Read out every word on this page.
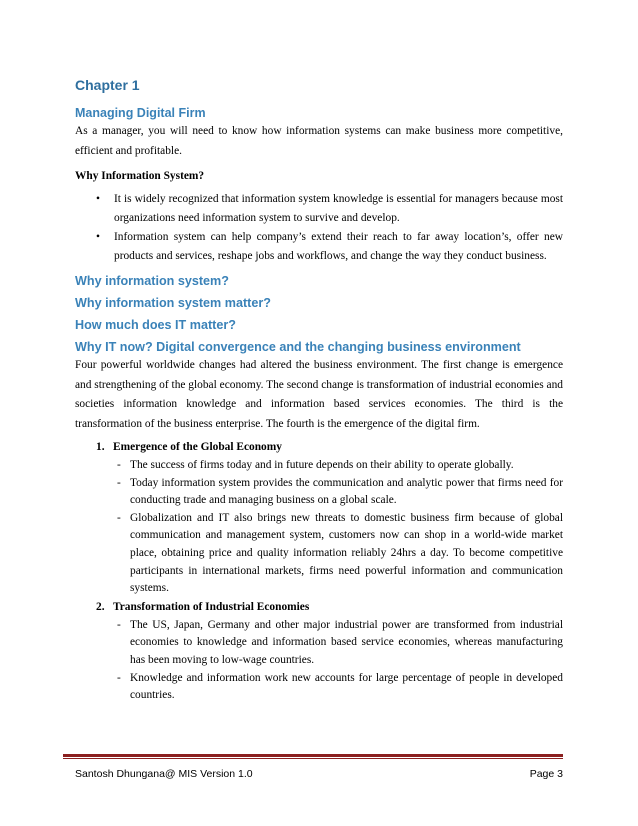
Chapter 1
Managing Digital Firm

As a manager, you will need to know how information systems can make business more competitive, efficient and profitable.

Why Information System?
• It is widely recognized that information system knowledge is essential for managers because most organizations need information system to survive and develop.
• Information system can help company’s extend their reach to far away location’s, offer new products and services, reshape jobs and workflows, and change the way they conduct business.
Why information system?
Why information system matter?
How much does IT matter?
Why IT now? Digital convergence and the changing business environment

Four powerful worldwide changes had altered the business environment. The first change is emergence and strengthening of the global economy. The second change is transformation of industrial economies and societies information knowledge and information based services economies. The third is the transformation of the business enterprise. The fourth is the emergence of the digital firm.

1. Emergence of the Global Economy
- The success of firms today and in future depends on their ability to operate globally.
- Today information system provides the communication and analytic power that firms need for conducting trade and managing business on a global scale.
- Globalization and IT also brings new threats to domestic business firm because of global communication and management system, customers now can shop in a world-wide market place, obtaining price and quality information reliably 24hrs a day. To become competitive participants in international markets, firms need powerful information and communication systems.
2. Transformation of Industrial Economies
- The US, Japan, Germany and other major industrial power are transformed from industrial economies to knowledge and information based service economies, whereas manufacturing has been moving to low-wage countries.
- Knowledge and information work new accounts for large percentage of people in developed countries.
Santosh Dhungana@ MIS Version 1.0	Page 3
